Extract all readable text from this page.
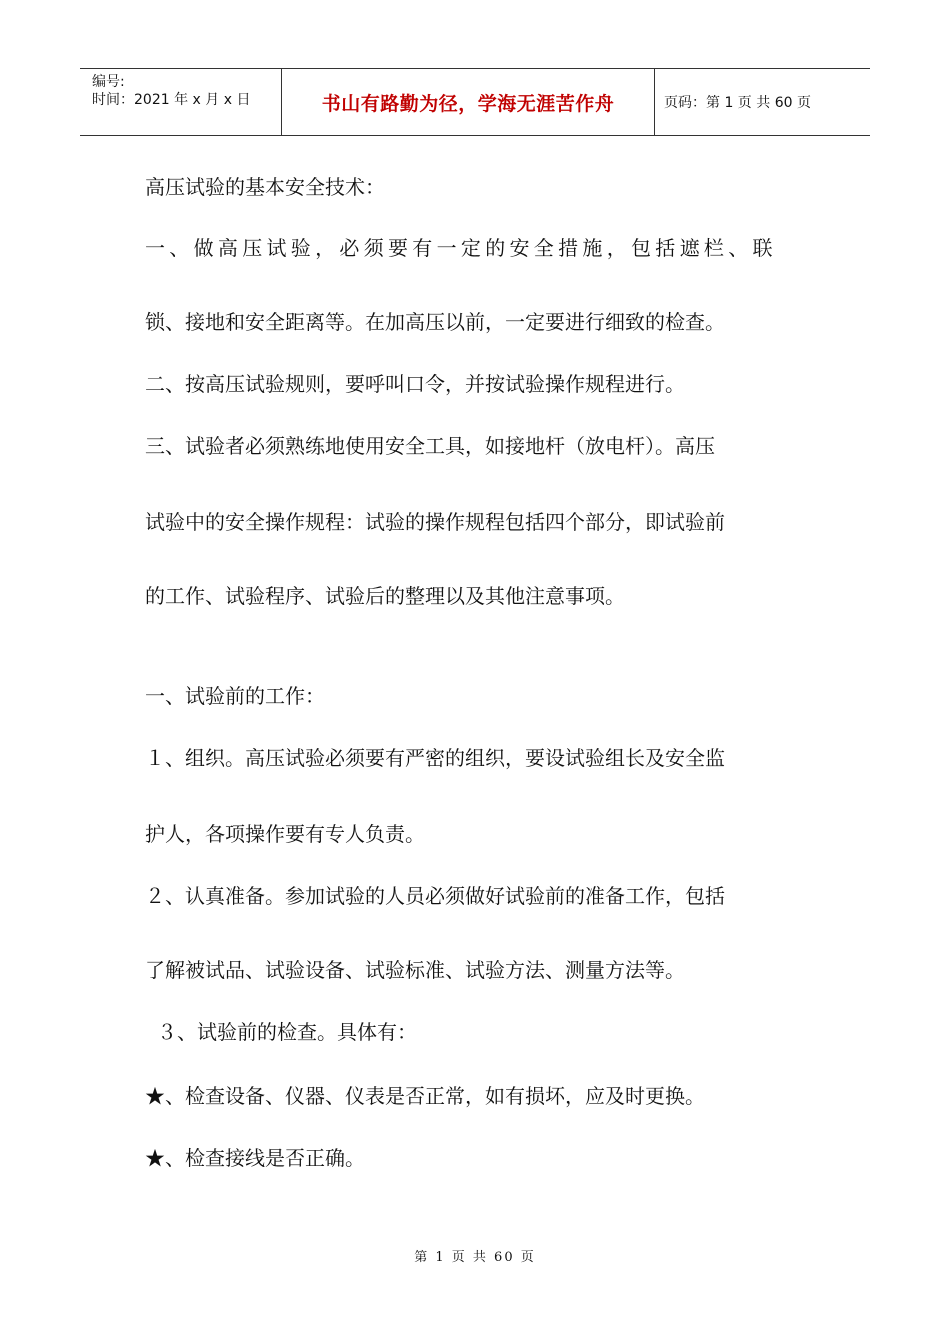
编号:
时间：2021 年 x 月 x 日	书山有路勤为径，学海无涯苦作舟	页码：第 1 页 共 60 页
高压试验的基本安全技术：
一、做高压试验，必须要有一定的安全措施，包括遮栏、联
锁、接地和安全距离等。在加高压以前，一定要进行细致的检查。
二、按高压试验规则，要呼叫口令，并按试验操作规程进行。
三、试验者必须熟练地使用安全工具，如接地杆（放电杆）。高压
试验中的安全操作规程：试验的操作规程包括四个部分，即试验前
的工作、试验程序、试验后的整理以及其他注意事项。
一、试验前的工作：
１、组织。高压试验必须要有严密的组织，要设试验组长及安全监
护人，各项操作要有专人负责。
２、认真准备。参加试验的人员必须做好试验前的准备工作，包括
了解被试品、试验设备、试验标准、试验方法、测量方法等。
３、试验前的检查。具体有：
★、检查设备、仪器、仪表是否正常，如有损坏，应及时更换。
★、检查接线是否正确。
第 1 页 共 60 页
